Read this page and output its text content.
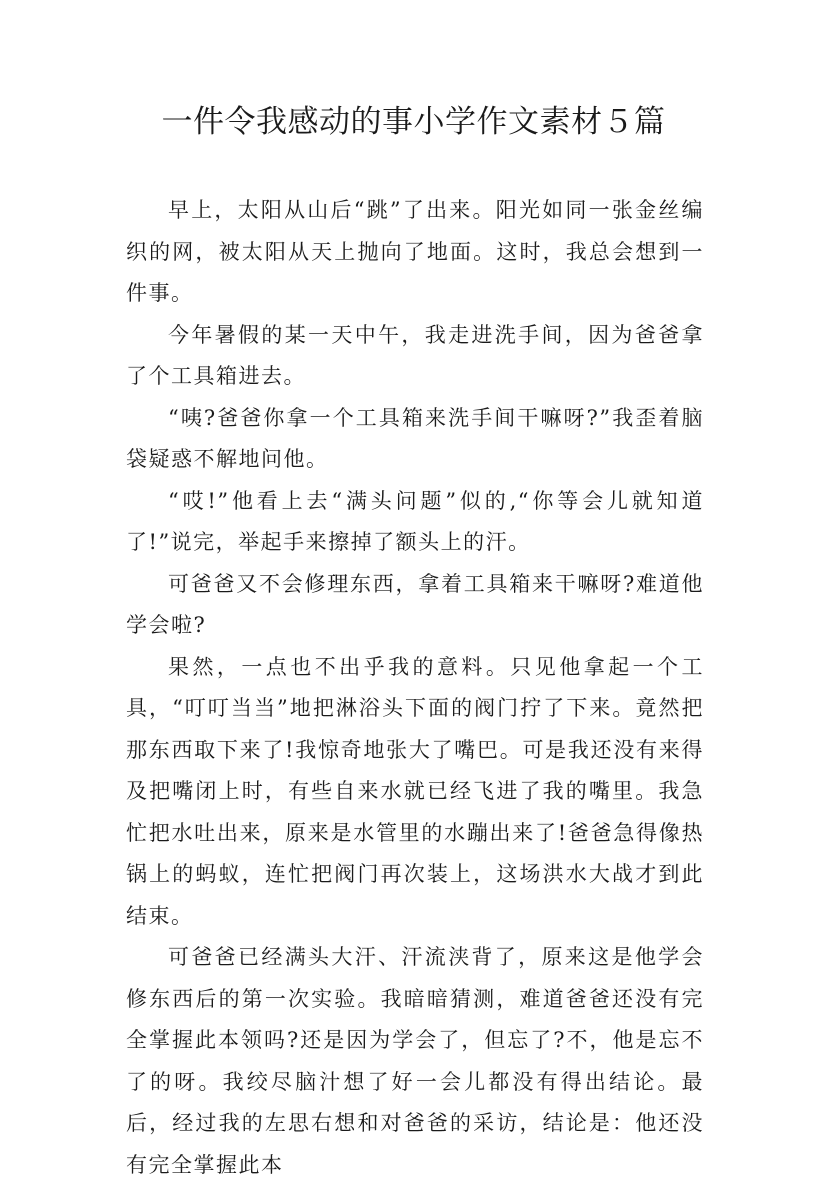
一件令我感动的事小学作文素材５篇

早上，太阳从山后“跳”了出来。阳光如同一张金丝编织的网，被太阳从天上抛向了地面。这时，我总会想到一件事。

今年暑假的某一天中午，我走进洗手间，因为爸爸拿了个工具箱进去。

“咦?爸爸你拿一个工具箱来洗手间干嘛呀?”我歪着脑袋疑惑不解地问他。

“哎!”他看上去“满头问题”似的,“你等会儿就知道了!”说完，举起手来擦掉了额头上的汗。

可爸爸又不会修理东西，拿着工具箱来干嘛呀?难道他学会啦?

果然，一点也不出乎我的意料。只见他拿起一个工具，“叮叮当当”地把淋浴头下面的阀门拧了下来。竟然把那东西取下来了!我惊奇地张大了嘴巴。可是我还没有来得及把嘴闭上时，有些自来水就已经飞进了我的嘴里。我急忙把水吐出来，原来是水管里的水蹦出来了!爸爸急得像热锅上的蚂蚁，连忙把阀门再次装上，这场洪水大战才到此结束。

可爸爸已经满头大汗、汗流浃背了，原来这是他学会修东西后的第一次实验。我暗暗猜测，难道爸爸还没有完全掌握此本领吗?还是因为学会了，但忘了?不，他是忘不了的呀。我绞尽脑汁想了好一会儿都没有得出结论。最后，经过我的左思右想和对爸爸的采访，结论是：他还没有完全掌握此本
